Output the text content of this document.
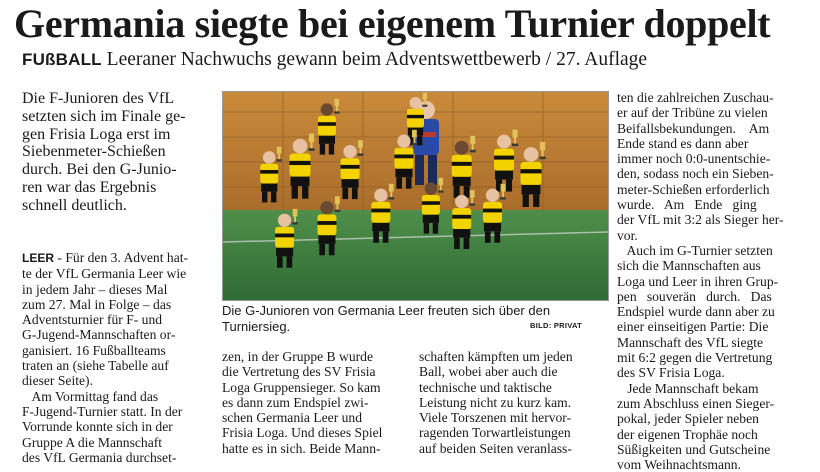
Germania siegte bei eigenem Turnier doppelt
FUßBALL Leeraner Nachwuchs gewann beim Adventswettbewerb / 27. Auflage
Die F-Junioren des VfL
setzten sich im Finale ge-
gen Frisia Loga erst im
Siebenmeter-Schießen
durch. Bei den G-Junio-
ren war das Ergebnis
schnell deutlich.
LEER - Für den 3. Advent hat-
te der VfL Germania Leer wie
in jedem Jahr – dieses Mal
zum 27. Mal in Folge – das
Adventsturnier für F- und
G-Jugend-Mannschaften or-
ganisiert. 16 Fußballteams
traten an (siehe Tabelle auf
dieser Seite).
Am Vormittag fand das
F-Jugend-Turnier statt. In der
Vorrunde konnte sich in der
Gruppe A die Mannschaft
des VfL Germania durchset-
Die G-Junioren von Germania Leer freuten sich über den
Turniersieg.	BILD: PRIVAT
zen, in der Gruppe B wurde
die Vertretung des SV Frisia
Loga Gruppensieger. So kam
es dann zum Endspiel zwi-
schen Germania Leer und
Frisia Loga. Und dieses Spiel
hatte es in sich. Beide Mann-
schaften kämpften um jeden
Ball, wobei aber auch die
technische und taktische
Leistung nicht zu kurz kam.
Viele Torszenen mit hervor-
ragenden Torwartleistungen
auf beiden Seiten veranlass-
ten die zahlreichen Zuschau-
er auf der Tribüne zu vielen
Beifallsbekundungen.    Am
Ende stand es dann aber
immer noch 0:0-unentschie-
den, sodass noch ein Sieben-
meter-Schießen erforderlich
wurde.   Am   Ende   ging
der VfL mit 3:2 als Sieger her-
vor.
Auch im G-Turnier setzten
sich die Mannschaften aus
Loga und Leer in ihren Grup-
pen   souverän   durch.   Das
Endspiel wurde dann aber zu
einer einseitigen Partie: Die
Mannschaft des VfL siegte
mit 6:2 gegen die Vertretung
des SV Frisia Loga.
Jede Mannschaft bekam
zum Abschluss einen Sieger-
pokal, jeder Spieler neben
der eigenen Trophäe noch
Süßigkeiten und Gutscheine
vom Weihnachtsmann.
